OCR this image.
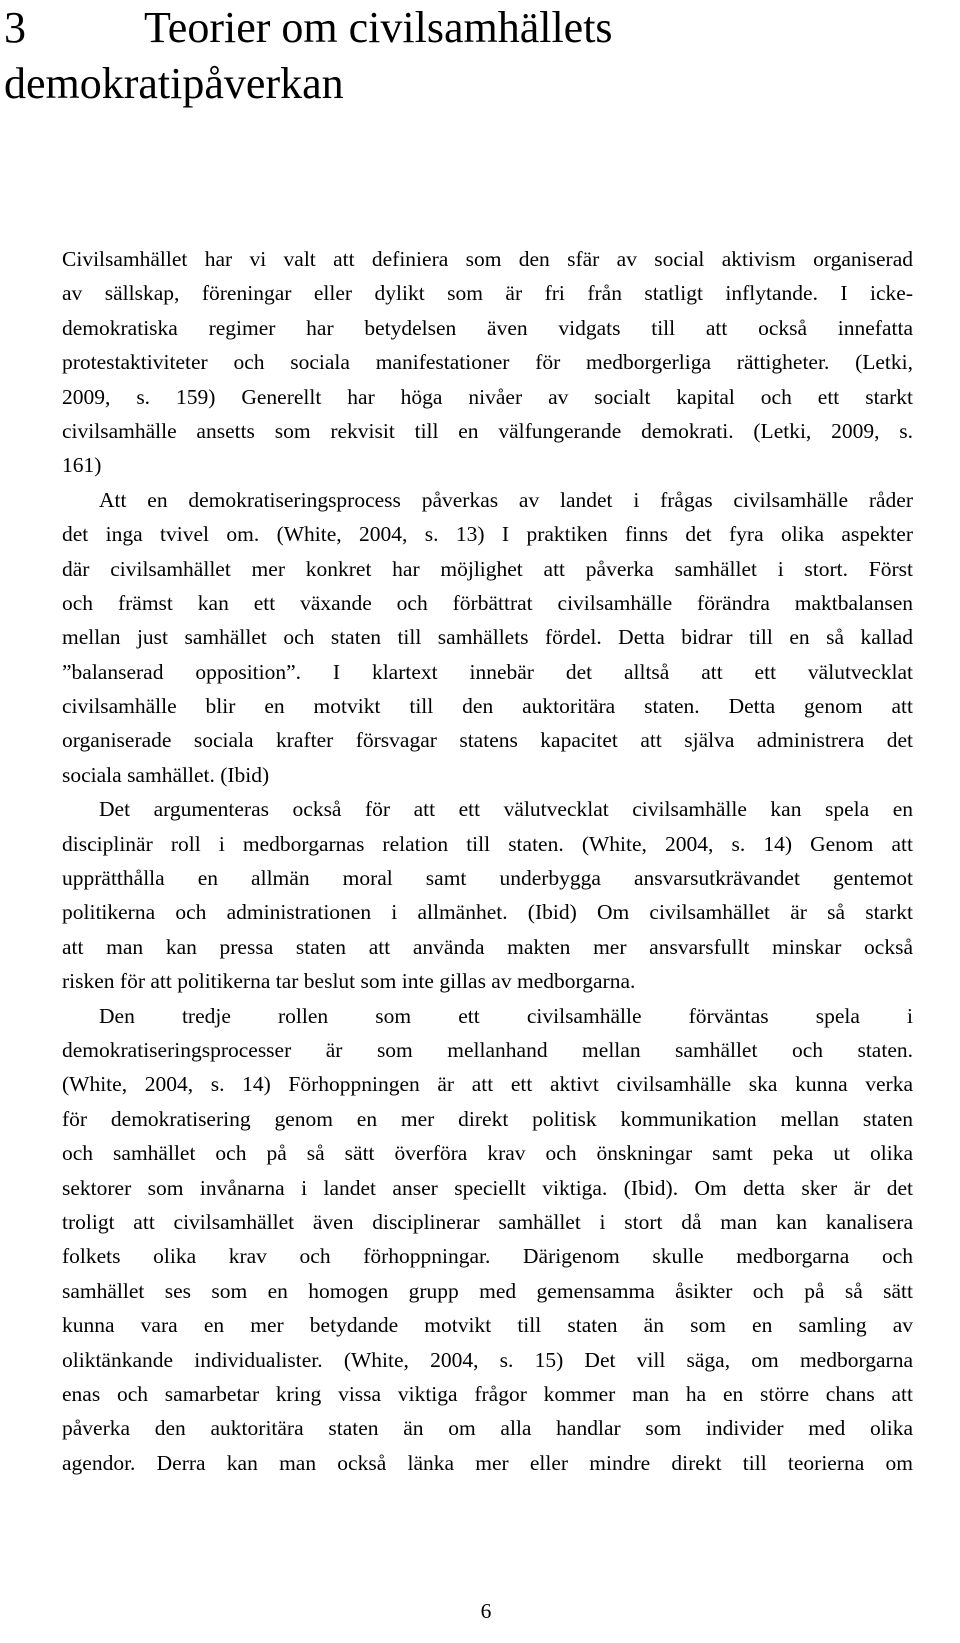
3	Teorier om civilsamhällets
demokratipåverkan
Civilsamhället har vi valt att definiera som den sfär av social aktivism organiserad
av sällskap, föreningar eller dylikt som är fri från statligt inflytande. I icke-
demokratiska regimer har betydelsen även vidgats till att också innefatta
protestaktiviteter och sociala manifestationer för medborgerliga rättigheter. (Letki,
2009, s. 159) Generellt har höga nivåer av socialt kapital och ett starkt
civilsamhälle ansetts som rekvisit till en välfungerande demokrati. (Letki, 2009, s.
161)
Att en demokratiseringsprocess påverkas av landet i frågas civilsamhälle råder
det inga tvivel om. (White, 2004, s. 13) I praktiken finns det fyra olika aspekter
där civilsamhället mer konkret har möjlighet att påverka samhället i stort. Först
och främst kan ett växande och förbättrat civilsamhälle förändra maktbalansen
mellan just samhället och staten till samhällets fördel. Detta bidrar till en så kallad
”balanserad opposition”. I klartext innebär det alltså att ett välutvecklat
civilsamhälle blir en motvikt till den auktoritära staten. Detta genom att
organiserade sociala krafter försvagar statens kapacitet att själva administrera det
sociala samhället. (Ibid)
Det argumenteras också för att ett välutvecklat civilsamhälle kan spela en
disciplinär roll i medborgarnas relation till staten. (White, 2004, s. 14) Genom att
upprätthålla en allmän moral samt underbygga ansvarsutkrävandet gentemot
politikerna och administrationen i allmänhet. (Ibid) Om civilsamhället är så starkt
att man kan pressa staten att använda makten mer ansvarsfullt minskar också
risken för att politikerna tar beslut som inte gillas av medborgarna.
Den tredje rollen som ett civilsamhälle förväntas spela i
demokratiseringsprocesser är som mellanhand mellan samhället och staten.
(White, 2004, s. 14) Förhoppningen är att ett aktivt civilsamhälle ska kunna verka
för demokratisering genom en mer direkt politisk kommunikation mellan staten
och samhället och på så sätt överföra krav och önskningar samt peka ut olika
sektorer som invånarna i landet anser speciellt viktiga. (Ibid). Om detta sker är det
troligt att civilsamhället även disciplinerar samhället i stort då man kan kanalisera
folkets olika krav och förhoppningar. Därigenom skulle medborgarna och
samhället ses som en homogen grupp med gemensamma åsikter och på så sätt
kunna vara en mer betydande motvikt till staten än som en samling av
oliktänkande individualister. (White, 2004, s. 15) Det vill säga, om medborgarna
enas och samarbetar kring vissa viktiga frågor kommer man ha en större chans att
påverka den auktoritära staten än om alla handlar som individer med olika
agendor. Derra kan man också länka mer eller mindre direkt till teorierna om
6
